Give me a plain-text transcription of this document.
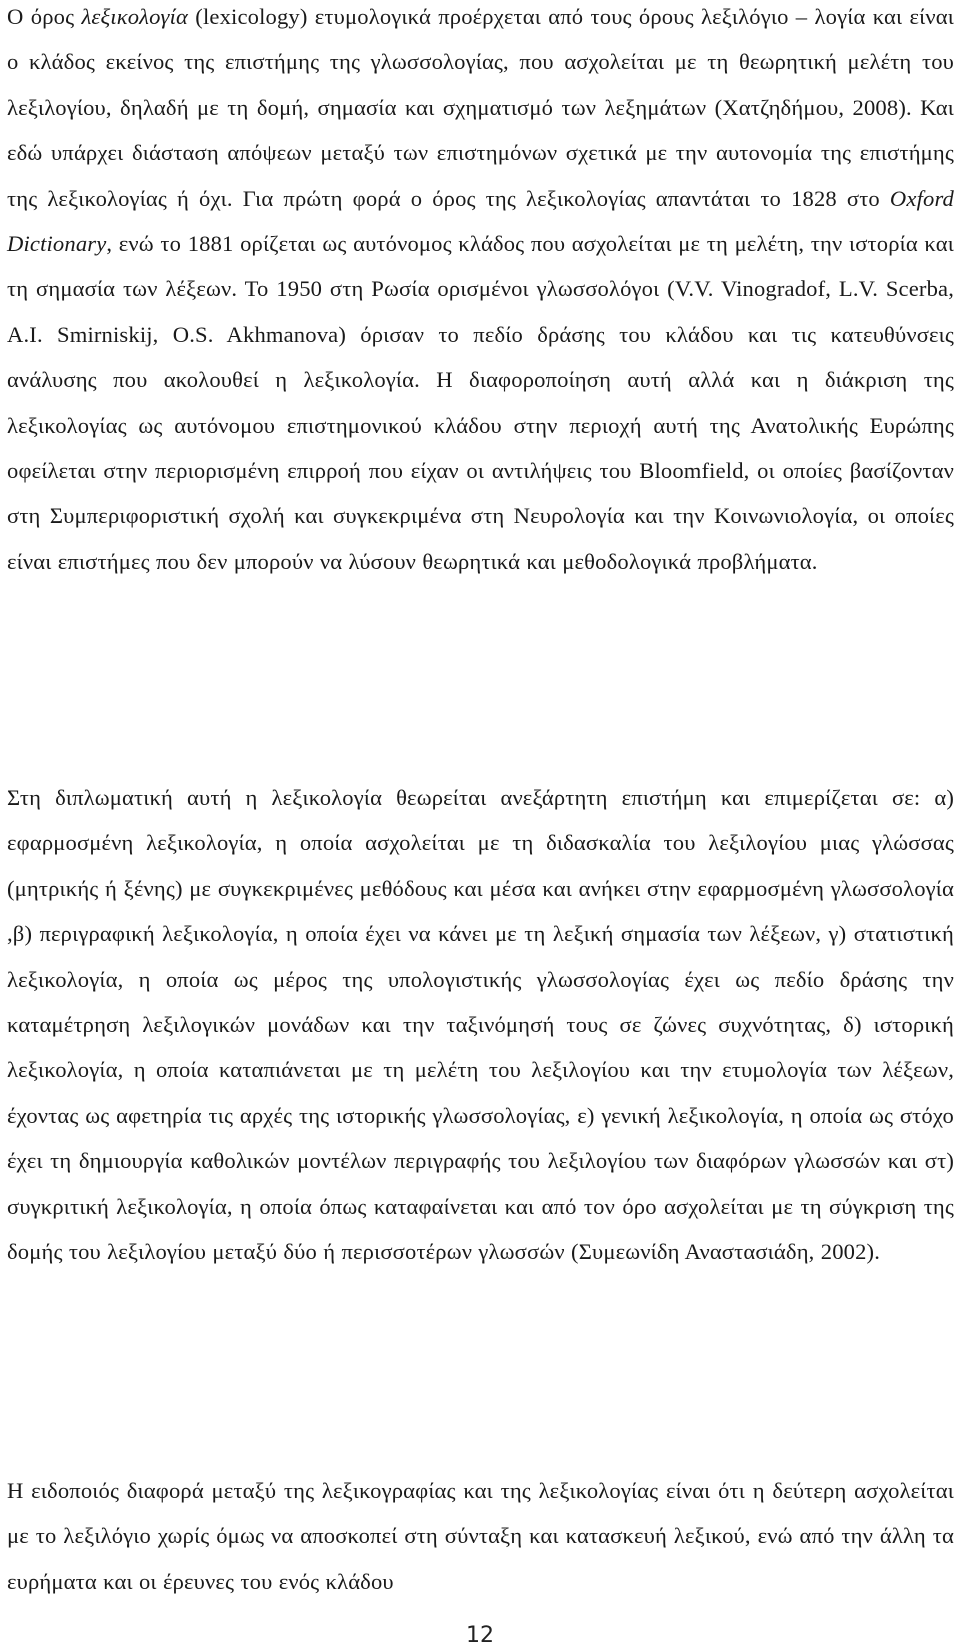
Ο όρος λεξικολογία (lexicology) ετυμολογικά προέρχεται από τους όρους λεξιλόγιο – λογία και είναι ο κλάδος εκείνος της επιστήμης της γλωσσολογίας, που ασχολείται με τη θεωρητική μελέτη του λεξιλογίου, δηλαδή με τη δομή, σημασία και σχηματισμό των λεξημάτων (Χατζηδήμου, 2008). Και εδώ υπάρχει διάσταση απόψεων μεταξύ των επιστημόνων σχετικά με την αυτονομία της επιστήμης της λεξικολογίας ή όχι. Για πρώτη φορά ο όρος της λεξικολογίας απαντάται το 1828 στο Oxford Dictionary, ενώ το 1881 ορίζεται ως αυτόνομος κλάδος που ασχολείται με τη μελέτη, την ιστορία και τη σημασία των λέξεων. Το 1950 στη Ρωσία ορισμένοι γλωσσολόγοι (V.V. Vinogradof, L.V. Scerba, A.I. Smirniskij, O.S. Akhmanova) όρισαν το πεδίο δράσης του κλάδου και τις κατευθύνσεις ανάλυσης που ακολουθεί η λεξικολογία. Η διαφοροποίηση αυτή αλλά και η διάκριση της λεξικολογίας ως αυτόνομου επιστημονικού κλάδου στην περιοχή αυτή της Ανατολικής Ευρώπης οφείλεται στην περιορισμένη επιρροή που είχαν οι αντιλήψεις του Bloomfield, οι οποίες βασίζονταν στη Συμπεριφοριστική σχολή και συγκεκριμένα στη Νευρολογία και την Κοινωνιολογία, οι οποίες είναι επιστήμες που δεν μπορούν να λύσουν θεωρητικά και μεθοδολογικά προβλήματα.

Στη διπλωματική αυτή η λεξικολογία θεωρείται ανεξάρτητη επιστήμη και επιμερίζεται σε: α) εφαρμοσμένη λεξικολογία, η οποία ασχολείται με τη διδασκαλία του λεξιλογίου μιας γλώσσας (μητρικής ή ξένης) με συγκεκριμένες μεθόδους και μέσα και ανήκει στην εφαρμοσμένη γλωσσολογία ,β) περιγραφική λεξικολογία, η οποία έχει να κάνει με τη λεξική σημασία των λέξεων, γ) στατιστική λεξικολογία, η οποία ως μέρος της υπολογιστικής γλωσσολογίας έχει ως πεδίο δράσης την καταμέτρηση λεξιλογικών μονάδων και την ταξινόμησή τους σε ζώνες συχνότητας, δ) ιστορική λεξικολογία, η οποία καταπιάνεται με τη μελέτη του λεξιλογίου και την ετυμολογία των λέξεων, έχοντας ως αφετηρία τις αρχές της ιστορικής γλωσσολογίας, ε) γενική λεξικολογία, η οποία ως στόχο έχει τη δημιουργία καθολικών μοντέλων περιγραφής του λεξιλογίου των διαφόρων γλωσσών και στ) συγκριτική λεξικολογία, η οποία όπως καταφαίνεται και από τον όρο ασχολείται με τη σύγκριση της δομής του λεξιλογίου μεταξύ δύο ή περισσοτέρων γλωσσών (Συμεωνίδη Αναστασιάδη, 2002).

Η ειδοποιός διαφορά μεταξύ της λεξικογραφίας και της λεξικολογίας είναι ότι η δεύτερη ασχολείται με το λεξιλόγιο χωρίς όμως να αποσκοπεί στη σύνταξη και κατασκευή λεξικού, ενώ από την άλλη τα ευρήματα και οι έρευνες του ενός κλάδου

12
